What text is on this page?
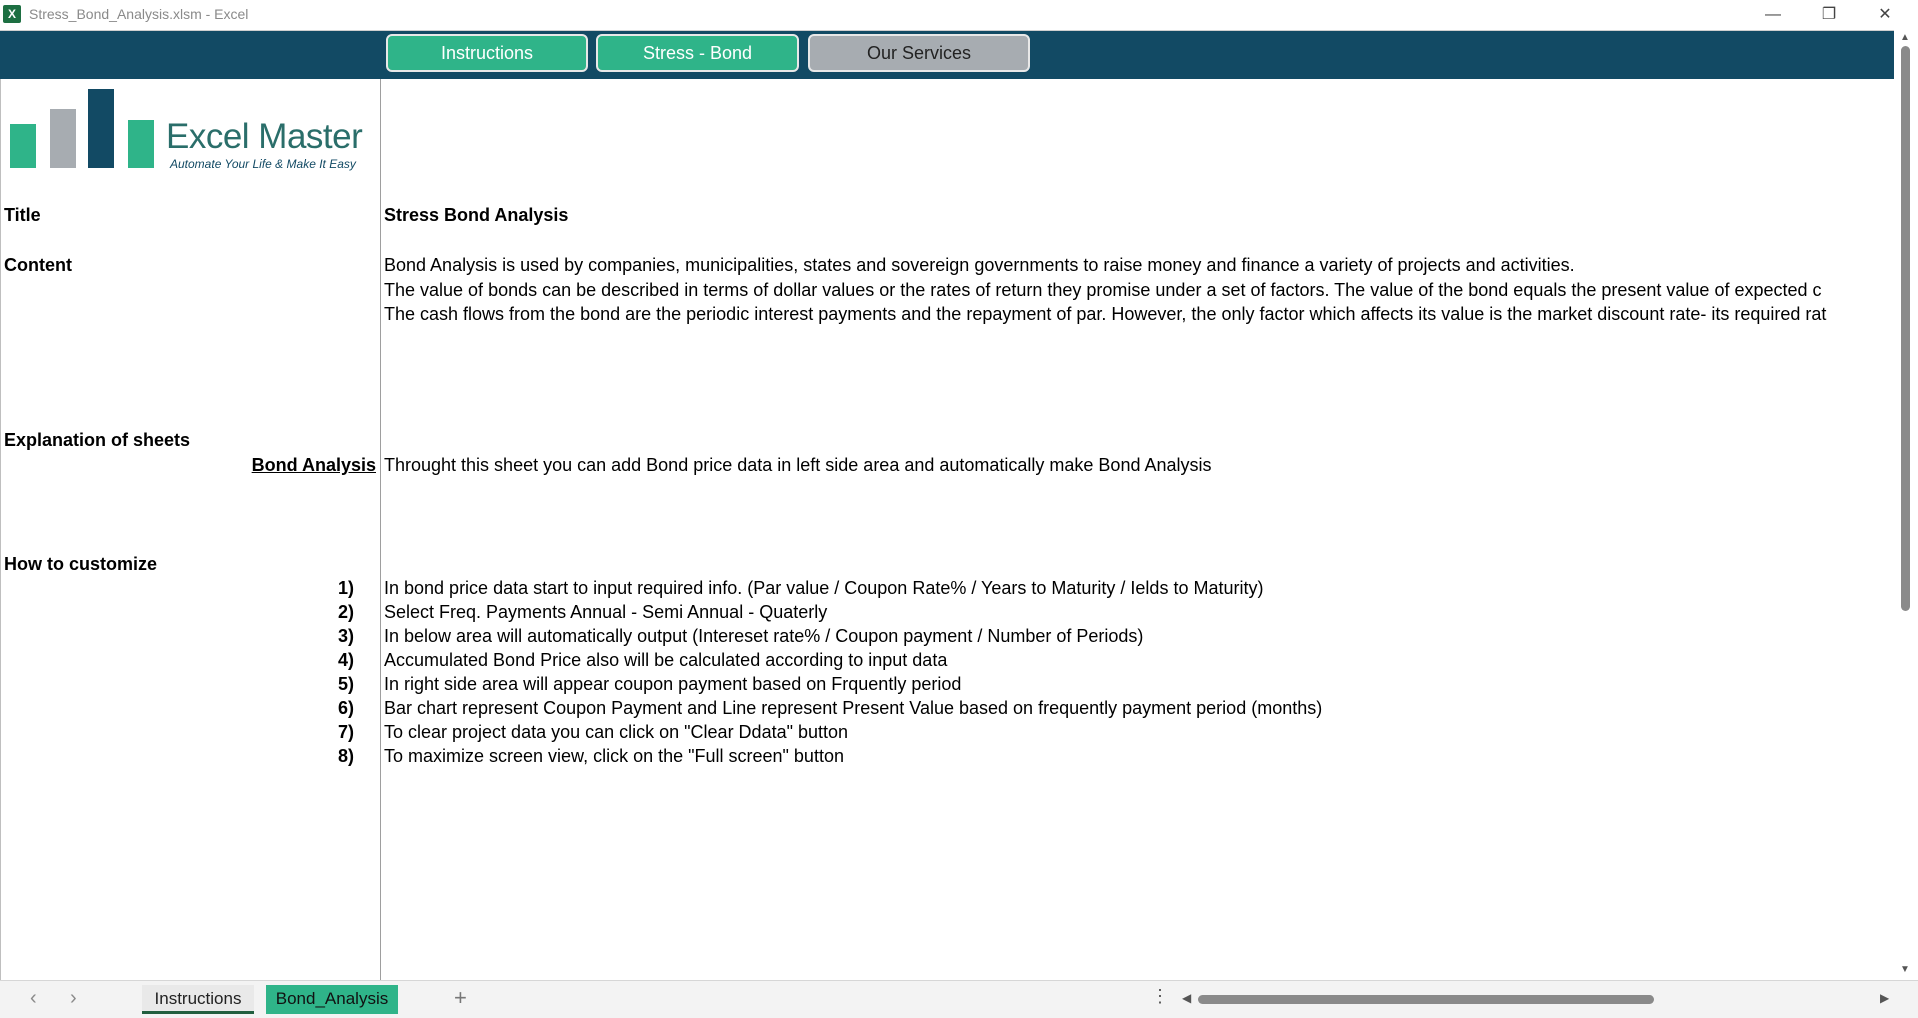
X Stress_Bond_Analysis.xlsm - Excel	—	❐	✕
Instructions	Stress - Bond	Our Services
Excel Master
Automate Your Life & Make It Easy
Title	Stress Bond Analysis
Content	Bond Analysis is used by companies, municipalities, states and sovereign governments to raise money and finance a variety of projects and activities.
The value of bonds can be described in terms of dollar values or the rates of return they promise under a set of factors. The value of the bond equals the present value of expected c
The cash flows from the bond are the periodic interest payments and the repayment of par. However, the only factor which affects its value is the market discount rate- its required rat
Explanation of sheets
Bond Analysis Throught this sheet you can add Bond price data in left side area and automatically make Bond Analysis
How to customize
1) In bond price data start to input required info. (Par value / Coupon Rate% / Years to Maturity / Ields to Maturity)
2) Select Freq. Payments Annual - Semi Annual - Quaterly
3) In below area will automatically output (Intereset rate% / Coupon payment / Number of Periods)
4) Accumulated Bond Price also will be calculated according to input data
5) In right side area will appear coupon payment based on Frquently period
6) Bar chart represent Coupon Payment and Line represent Present Value based on frequently payment period (months)
7) To clear project data you can click on "Clear Ddata" button
8) To maximize screen view, click on the "Full screen" button
▲
▼
‹ ›	Instructions	Bond_Analysis	+	⋮ ◀	▶
